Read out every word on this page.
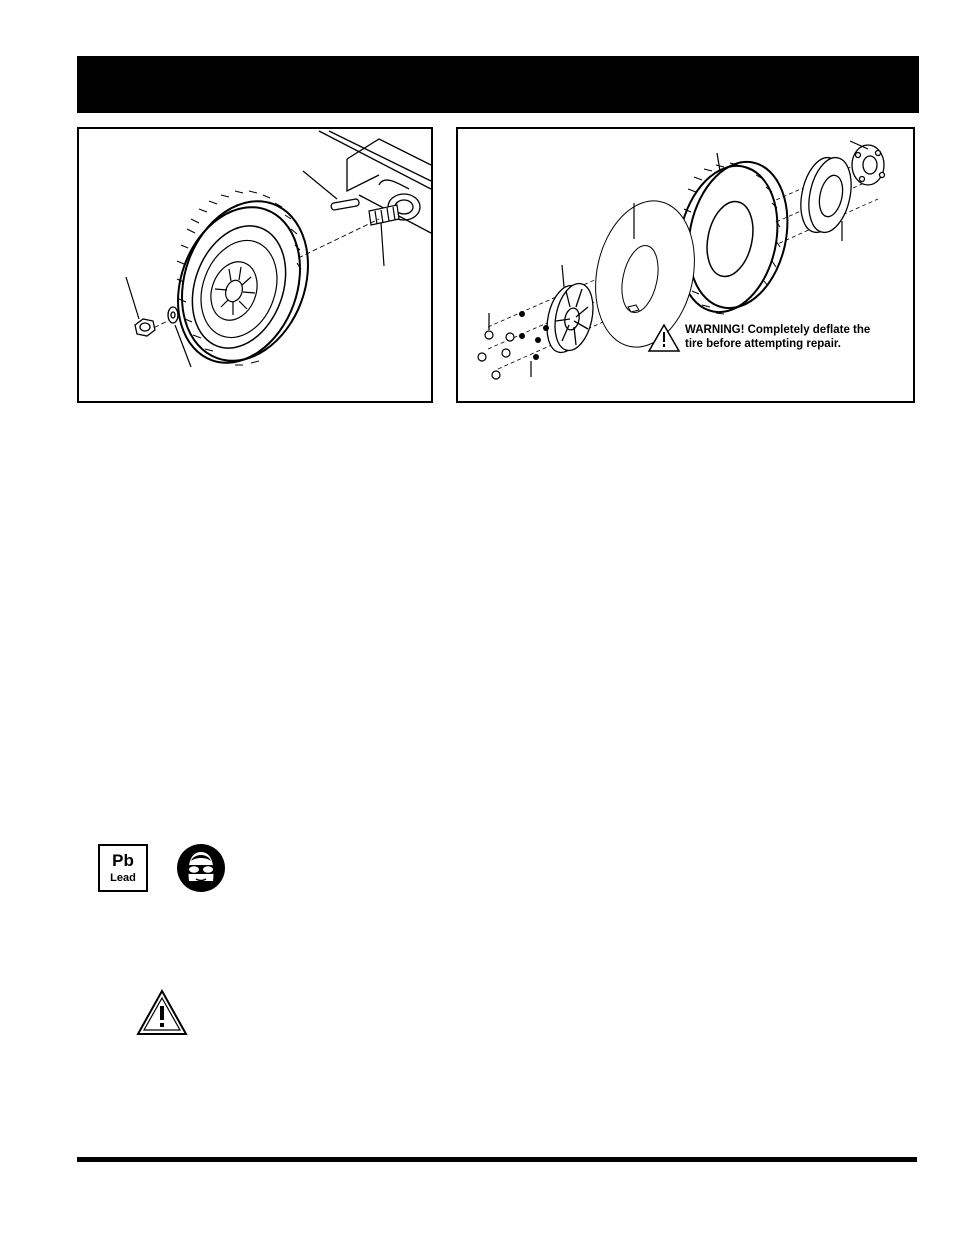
WARNING! Completely deflate the
tire before attempting repair.
Pb
Lead
